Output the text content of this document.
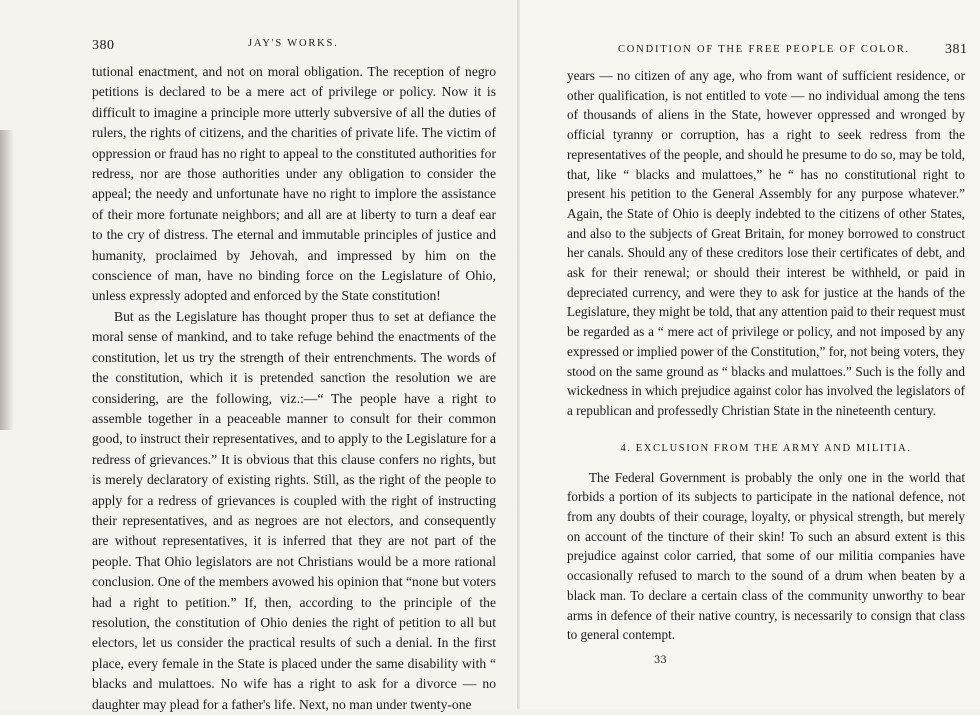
380	JAY'S WORKS.

tutional enactment, and not on moral obligation. The reception of negro petitions is declared to be a mere act of privilege or policy. Now it is difficult to imagine a principle more utterly subversive of all the duties of rulers, the rights of citizens, and the charities of private life. The victim of oppression or fraud has no right to appeal to the constituted authorities for redress, nor are those authorities under any obligation to consider the appeal; the needy and unfortunate have no right to implore the assistance of their more fortunate neighbors; and all are at liberty to turn a deaf ear to the cry of distress. The eternal and immutable principles of justice and humanity, proclaimed by Jehovah, and impressed by him on the conscience of man, have no binding force on the Legislature of Ohio, unless expressly adopted and enforced by the State constitution!

But as the Legislature has thought proper thus to set at defiance the moral sense of mankind, and to take refuge behind the enactments of the constitution, let us try the strength of their entrenchments. The words of the constitution, which it is pretended sanction the resolution we are considering, are the following, viz.:—“ The people have a right to assemble together in a peaceable manner to consult for their common good, to instruct their representatives, and to apply to the Legislature for a redress of grievances.” It is obvious that this clause confers no rights, but is merely declaratory of existing rights. Still, as the right of the people to apply for a redress of grievances is coupled with the right of instructing their representatives, and as negroes are not electors, and consequently are without representatives, it is inferred that they are not part of the people. That Ohio legislators are not Christians would be a more rational conclusion. One of the members avowed his opinion that “none but voters had a right to petition.” If, then, according to the principle of the resolution, the constitution of Ohio denies the right of petition to all but electors, let us consider the practical results of such a denial. In the first place, every female in the State is placed under the same disability with “ blacks and mulattoes. No wife has a right to ask for a divorce — no daughter may plead for a father's life. Next, no man under twenty-one

CONDITION OF THE FREE PEOPLE OF COLOR.	381

years — no citizen of any age, who from want of sufficient residence, or other qualification, is not entitled to vote — no individual among the tens of thousands of aliens in the State, however oppressed and wronged by official tyranny or corruption, has a right to seek redress from the representatives of the people, and should he presume to do so, may be told, that, like “ blacks and mulattoes,” he “ has no constitutional right to present his petition to the General Assembly for any purpose whatever.” Again, the State of Ohio is deeply indebted to the citizens of other States, and also to the subjects of Great Britain, for money borrowed to construct her canals. Should any of these creditors lose their certificates of debt, and ask for their renewal; or should their interest be withheld, or paid in depreciated currency, and were they to ask for justice at the hands of the Legislature, they might be told, that any attention paid to their request must be regarded as a “ mere act of privilege or policy, and not imposed by any expressed or implied power of the Constitution,” for, not being voters, they stood on the same ground as “ blacks and mulattoes.” Such is the folly and wickedness in which prejudice against color has involved the legislators of a republican and professedly Christian State in the nineteenth century.

4. EXCLUSION FROM THE ARMY AND MILITIA.

The Federal Government is probably the only one in the world that forbids a portion of its subjects to participate in the national defence, not from any doubts of their courage, loyalty, or physical strength, but merely on account of the tincture of their skin! To such an absurd extent is this prejudice against color carried, that some of our militia companies have occasionally refused to march to the sound of a drum when beaten by a black man. To declare a certain class of the community unworthy to bear arms in defence of their native country, is necessarily to consign that class to general contempt.

33
